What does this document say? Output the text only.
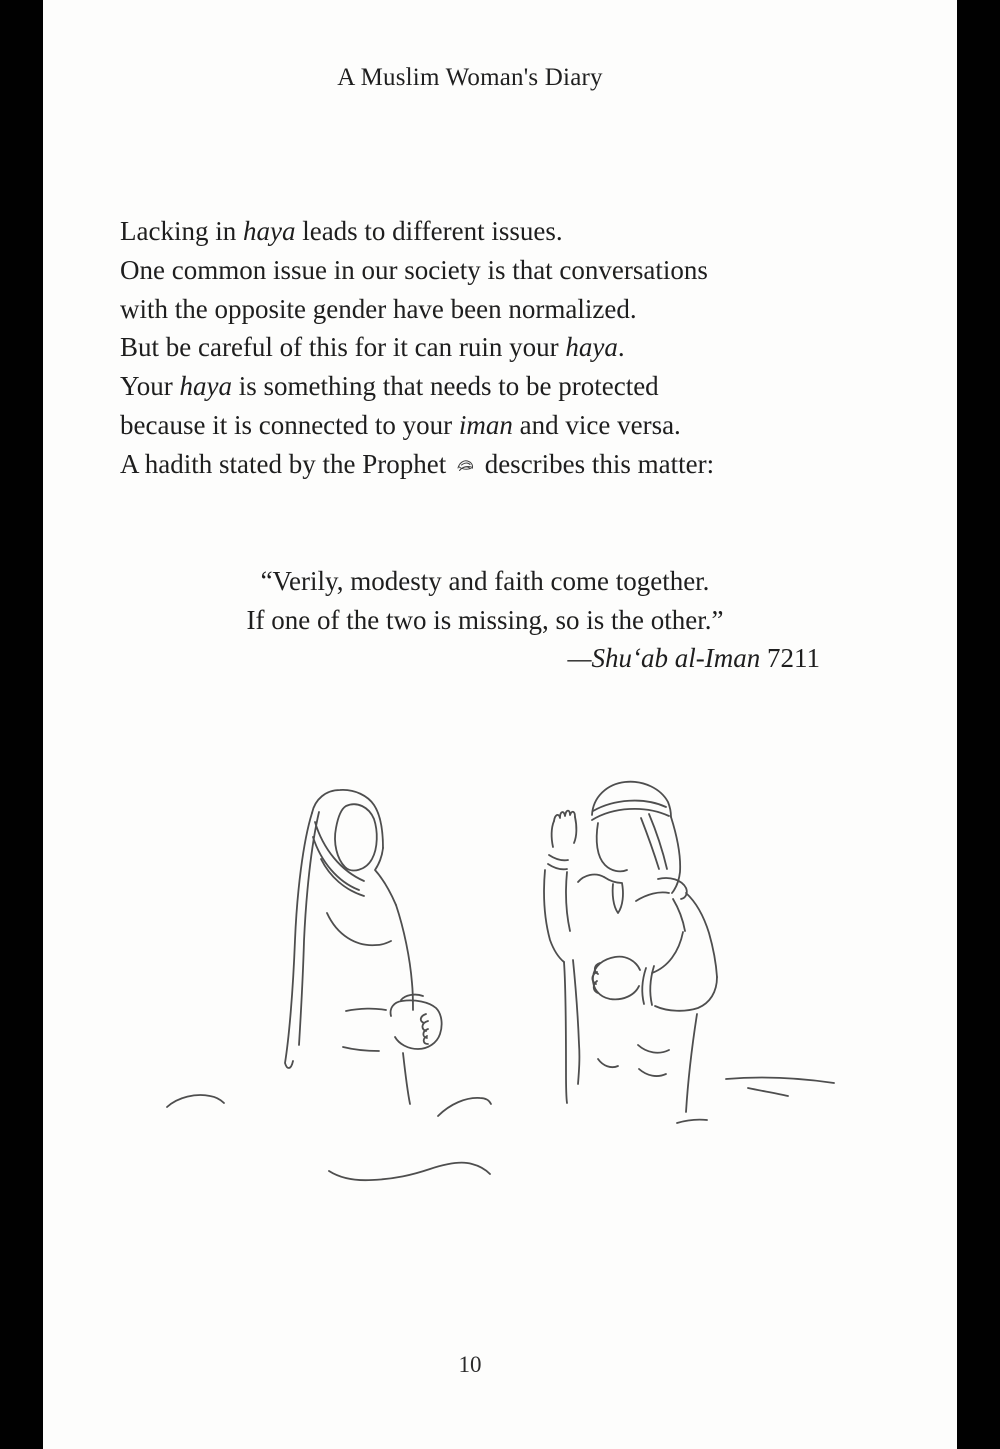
A Muslim Woman's Diary
Lacking in haya leads to different issues.
One common issue in our society is that conversations
with the opposite gender have been normalized.
But be careful of this for it can ruin your haya.
Your haya is something that needs to be protected
because it is connected to your iman and vice versa.
A hadith stated by the Prophet
describes this matter:
“Verily, modesty and faith come together.
If one of the two is missing, so is the other.”
—Shu‘ab al-Iman 7211
10
